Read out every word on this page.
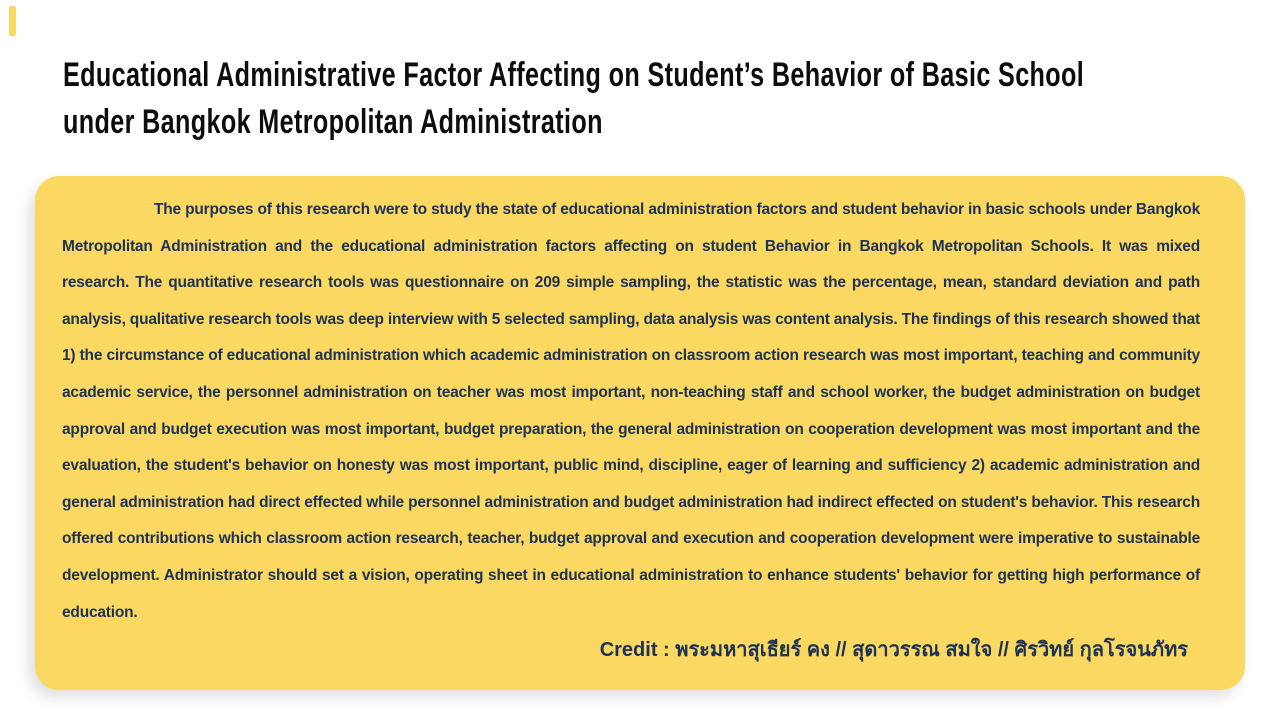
Educational Administrative Factor Affecting on Student’s Behavior of Basic School
under Bangkok Metropolitan Administration

The purposes of this research were to study the state of educational administration factors and student behavior in basic schools under Bangkok Metropolitan Administration and the educational administration factors affecting on student Behavior in Bangkok Metropolitan Schools. It was mixed research. The quantitative research tools was questionnaire on 209 simple sampling, the statistic was the percentage, mean, standard deviation and path analysis, qualitative research tools was deep interview with 5 selected sampling, data analysis was content analysis. The findings of this research showed that 1) the circumstance of educational administration which academic administration on classroom action research was most important, teaching and community academic service, the personnel administration on teacher was most important, non-teaching staff and school worker, the budget administration on budget approval and budget execution was most important, budget preparation, the general administration on cooperation development was most important and the evaluation, the student's behavior on honesty was most important, public mind, discipline, eager of learning and sufficiency 2) academic administration and general administration had direct effected while personnel administration and budget administration had indirect effected on student's behavior. This research offered contributions which classroom action research, teacher, budget approval and execution and cooperation development were imperative to sustainable development. Administrator should set a vision, operating sheet in educational administration to enhance students' behavior for getting high performance of education.

Credit : พระมหาสุเธียร์ คง // สุดาวรรณ สมใจ // ศิรวิทย์ กุลโรจนภัทร
